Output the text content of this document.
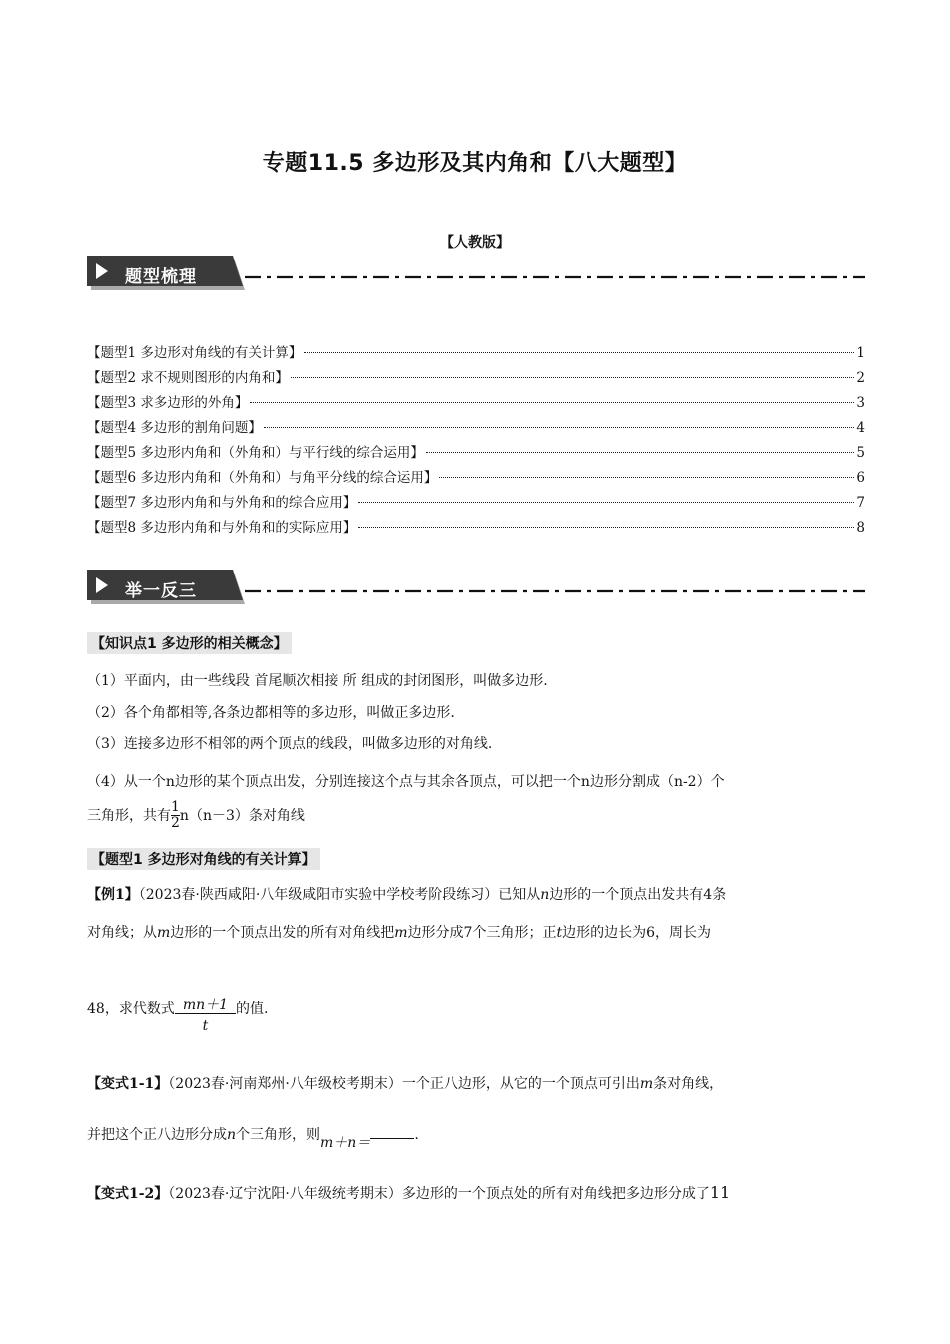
专题11.5 多边形及其内角和【八大题型】
【人教版】
题型梳理
【题型1 多边形对角线的有关计算】	1
【题型2 求不规则图形的内角和】	2
【题型3 求多边形的外角】	3
【题型4 多边形的割角问题】	4
【题型5 多边形内角和（外角和）与平行线的综合运用】	5
【题型6 多边形内角和（外角和）与角平分线的综合运用】	6
【题型7 多边形内角和与外角和的综合应用】	7
【题型8 多边形内角和与外角和的实际应用】	8
举一反三
【知识点1 多边形的相关概念】
（1）平面内，由一些线段 首尾顺次相接 所 组成的封闭图形，叫做多边形.
（2）各个角都相等,各条边都相等的多边形，叫做正多边形.
（3）连接多边形不相邻的两个顶点的线段，叫做多边形的对角线.
（4）从一个n边形的某个顶点出发，分别连接这个点与其余各顶点，可以把一个n边形分割成（n-2）个
三角形，共有 $\frac{1}{2} n(n-3)$条对角线
【题型1 多边形对角线的有关计算】
【例1】（2023春·陕西咸阳·八年级咸阳市实验中学校考阶段练习）已知从n边形的一个顶点出发共有4条
对角线；从m边形的一个顶点出发的所有对角线把m边形分成7个三角形；正t边形的边长为6，周长为
48，求代数式 $\frac{mn+1}{t}$ 的值.
【变式1-1】（2023春·河南郑州·八年级校考期末）一个正八边形，从它的一个顶点可引出m条对角线，
并把这个正八边形分成n个三角形，则m＋n＝	.
【变式1-2】（2023春·辽宁沈阳·八年级统考期末）多边形的一个顶点处的所有对角线把多边形分成了11
